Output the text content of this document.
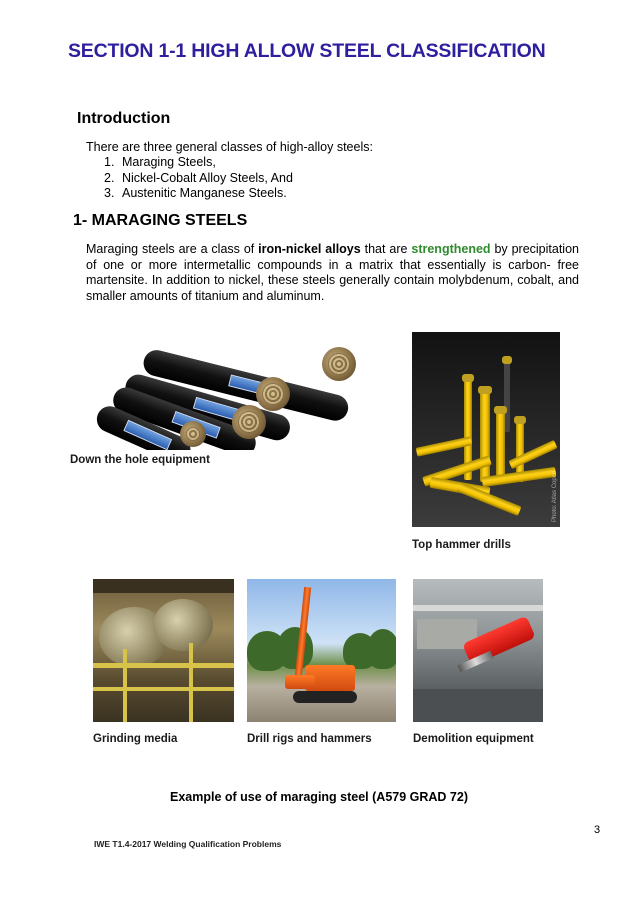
SECTION 1-1 HIGH ALLOW STEEL CLASSIFICATION
Introduction
There are three general classes of high-alloy steels:
1. Maraging Steels,
2. Nickel-Cobalt Alloy Steels, And
3. Austenitic Manganese Steels.
1- MARAGING STEELS

Maraging steels are a class of iron-nickel alloys that are strengthened by precipitation of one or more intermetallic compounds in a matrix that essentially is carbon- free martensite. In addition to nickel, these steels generally contain molybdenum, cobalt, and smaller amounts of titanium and aluminum.

Down the hole equipment
Photo: Atlas Copco
Top hammer drills
Grinding media	Drill rigs and hammers	Demolition equipment
Example of use of maraging steel (A579 GRAD 72)
3
IWE T1.4-2017 Welding Qualification Problems
